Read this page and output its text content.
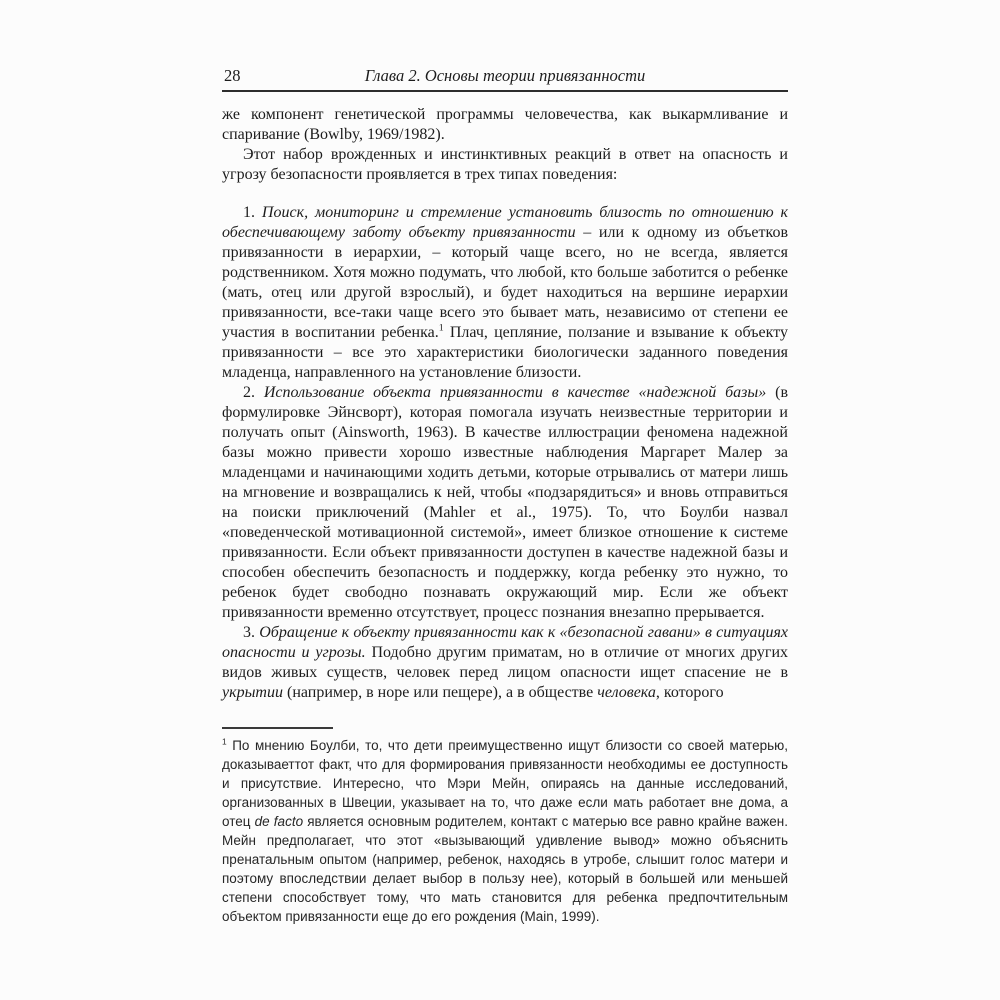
28	Глава 2. Основы теории привязанности

же компонент генетической программы человечества, как выкармливание и спаривание (Bowlby, 1969/1982).

Этот набор врожденных и инстинктивных реакций в ответ на опасность и угрозу безопасности проявляется в трех типах поведения:

1. Поиск, мониторинг и стремление установить близость по отношению к обеспечивающему заботу объекту привязанности – или к одному из объетков привязанности в иерархии, – который чаще всего, но не всегда, является родственником. Хотя можно подумать, что любой, кто больше заботится о ребенке (мать, отец или другой взрослый), и будет находиться на вершине иерархии привязанности, все-таки чаще всего это бывает мать, независимо от степени ее участия в воспитании ребенка.$^1$ Плач, цепляние, ползание и взывание к объекту привязанности – все это характеристики биологически заданного поведения младенца, направленного на установление близости.

2. Использование объекта привязанности в качестве «надежной базы» (в формулировке Эйнсворт), которая помогала изучать неизвестные территории и получать опыт (Ainsworth, 1963). В качестве иллюстрации феномена надежной базы можно привести хорошо известные наблюдения Маргарет Малер за младенцами и начинающими ходить детьми, которые отрывались от матери лишь на мгновение и возвращались к ней, чтобы «подзарядиться» и вновь отправиться на поиски приключений (Mahler et al., 1975). То, что Боулби назвал «поведенческой мотивационной системой», имеет близкое отношение к системе привязанности. Если объект привязанности доступен в качестве надежной базы и способен обеспечить безопасность и поддержку, когда ребенку это нужно, то ребенок будет свободно познавать окружающий мир. Если же объект привязанности временно отсутствует, процесс познания внезапно прерывается.

3. Обращение к объекту привязанности как к «безопасной гавани» в ситуациях опасности и угрозы. Подобно другим приматам, но в отличие от многих других видов живых существ, человек перед лицом опасности ищет спасение не в укрытии (например, в норе или пещере), а в обществе человека, которого

$^1$ По мнению Боулби, то, что дети преимущественно ищут близости со своей матерью, доказываеттот факт, что для формирования привязанности необходимы ее доступность и присутствие. Интересно, что Мэри Мейн, опираясь на данные исследований, организованных в Швеции, указывает на то, что даже если мать работает вне дома, а отец de facto является основным родителем, контакт с матерью все равно крайне важен. Мейн предполагает, что этот «вызывающий удивление вывод» можно объяснить пренатальным опытом (например, ребенок, находясь в утробе, слышит голос матери и поэтому впоследствии делает выбор в пользу нее), который в большей или меньшей степени способствует тому, что мать становится для ребенка предпочтительным объектом привязанности еще до его рождения (Main, 1999).
